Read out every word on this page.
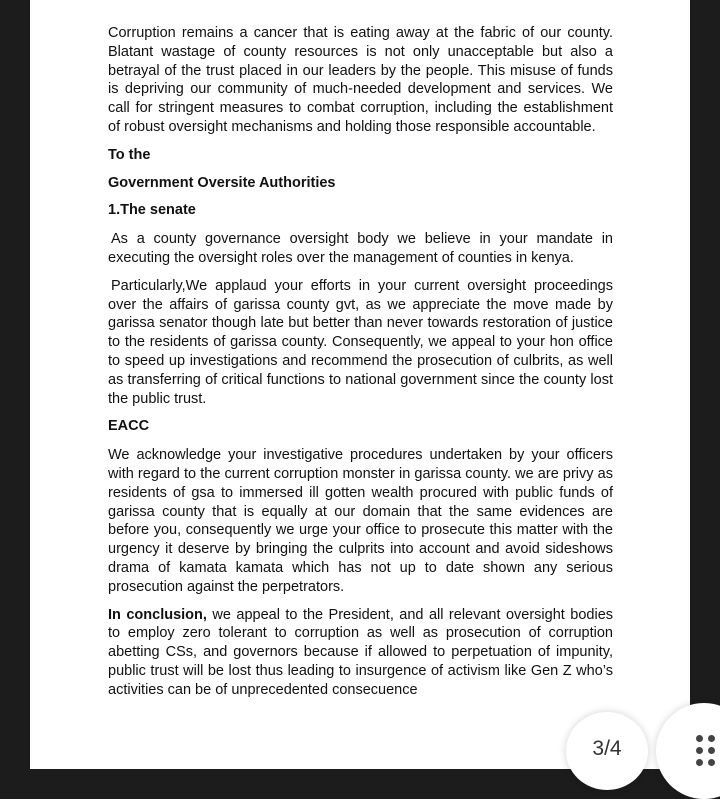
Corruption remains a cancer that is eating away at the fabric of our county. Blatant wastage of county resources is not only unacceptable but also a betrayal of the trust placed in our leaders by the people. This misuse of funds is depriving our community of much-needed development and services. We call for stringent measures to combat corruption, including the establishment of robust oversight mechanisms and holding those responsible accountable.

To the

Government Oversite Authorities

1.The senate

As a county governance oversight body we believe in your mandate in executing the oversight roles over the management of counties in kenya.

Particularly,We applaud your efforts in your current oversight proceedings over the affairs of garissa county gvt, as we appreciate the move made by garissa senator though late but better than never towards restoration of justice to the residents of garissa county. Consequently, we appeal to your hon office to speed up investigations and recommend the prosecution of culbrits, as well as transferring of critical functions to national government since the county lost the public trust.

EACC

We acknowledge your investigative procedures undertaken by your officers with regard to the current corruption monster in garissa county. we are privy as residents of gsa to immersed ill gotten wealth procured with public funds of garissa county that is equally at our domain that the same evidences are before you, consequently we urge your office to prosecute this matter with the urgency it deserve by bringing the culprits into account and avoid sideshows drama of kamata kamata which has not up to date shown any serious prosecution against the perpetrators.

In conclusion, we appeal to the President, and all relevant oversight bodies to employ zero tolerant to corruption as well as prosecution of corruption abetting CSs, and governors because if allowed to perpetuation of impunity, public trust will be lost thus leading to insurgence of activism like Gen Z who’s activities can be of unprecedented consecuence

3/4
